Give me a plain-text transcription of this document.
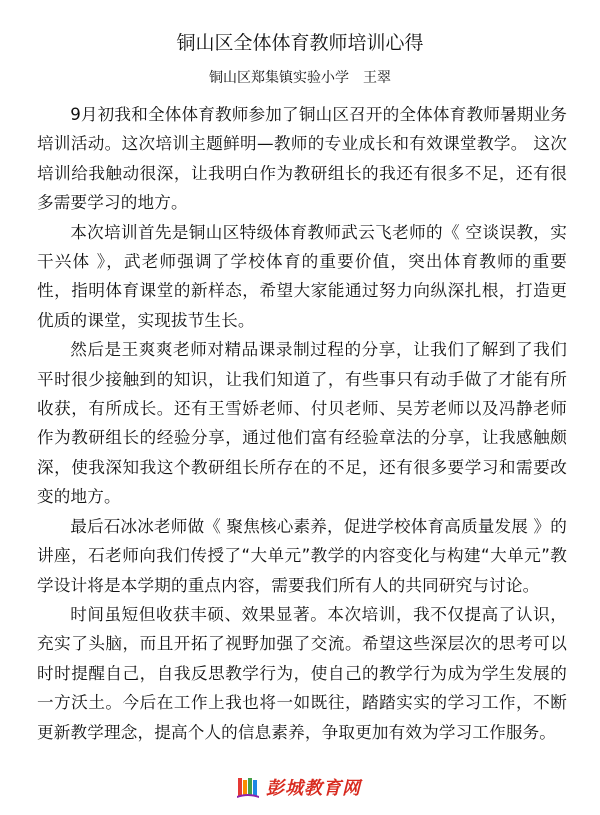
铜山区全体体育教师培训心得
铜山区郑集镇实验小学　王翠

9月初我和全体体育教师参加了铜山区召开的全体体育教师暑期业务培训活动。这次培训主题鲜明—教师的专业成长和有效课堂教学。 这次培训给我触动很深，让我明白作为教研组长的我还有很多不足，还有很多需要学习的地方。

本次培训首先是铜山区特级体育教师武云飞老师的《 空谈误教，实干兴体 》，武老师强调了学校体育的重要价值，突出体育教师的重要性，指明体育课堂的新样态，希望大家能通过努力向纵深扎根，打造更优质的课堂，实现拔节生长。

然后是王爽爽老师对精品课录制过程的分享，让我们了解到了我们平时很少接触到的知识，让我们知道了，有些事只有动手做了才能有所收获，有所成长。还有王雪娇老师、付贝老师、吴芳老师以及冯静老师作为教研组长的经验分享，通过他们富有经验章法的分享，让我感触颇深，使我深知我这个教研组长所存在的不足，还有很多要学习和需要改变的地方。

最后石冰冰老师做《 聚焦核心素养，促进学校体育高质量发展 》的讲座，石老师向我们传授了“大单元”教学的内容变化与构建“大单元”教学设计将是本学期的重点内容，需要我们所有人的共同研究与讨论。

时间虽短但收获丰硕、效果显著。本次培训，我不仅提高了认识，充实了头脑，而且开拓了视野加强了交流。希望这些深层次的思考可以时时提醒自己，自我反思教学行为，使自己的教学行为成为学生发展的一方沃土。今后在工作上我也将一如既往，踏踏实实的学习工作，不断更新教学理念，提高个人的信息素养，争取更加有效为学习工作服务。

彭城教育网
